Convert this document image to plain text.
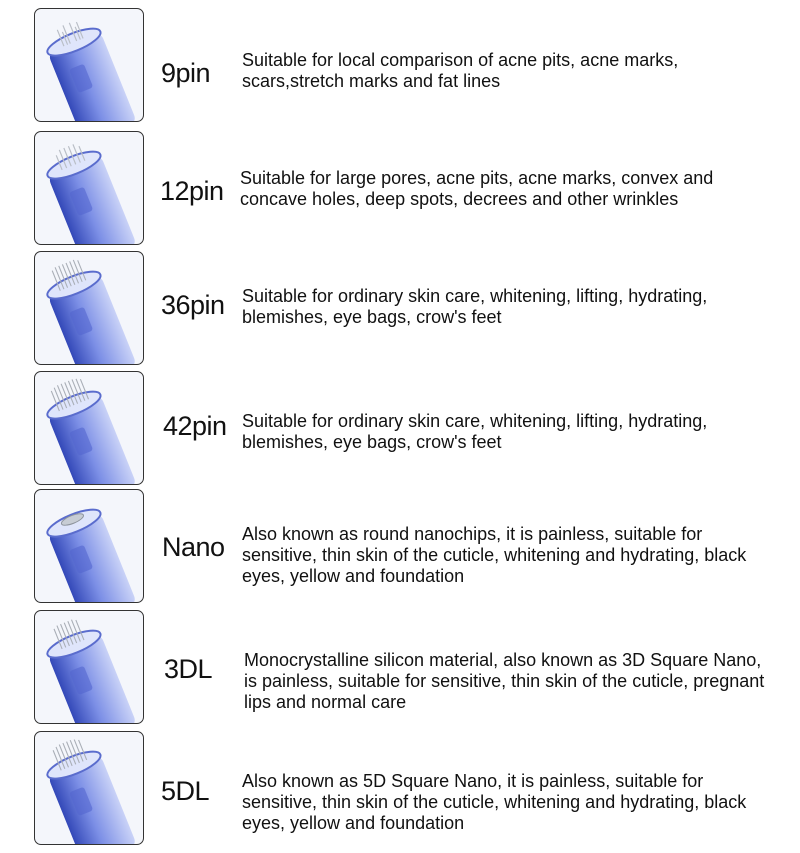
9pin Suitable for local comparison of acne pits, acne marks, scars,stretch marks and fat lines
12pin Suitable for large pores, acne pits, acne marks, convex and concave holes, deep spots, decrees and other wrinkles
36pin Suitable for ordinary skin care, whitening, lifting, hydrating, blemishes, eye bags, crow's feet
42pin Suitable for ordinary skin care, whitening, lifting, hydrating, blemishes, eye bags, crow's feet
Nano Also known as round nanochips, it is painless, suitable for sensitive, thin skin of the cuticle, whitening and hydrating, black eyes, yellow and foundation
3DL Monocrystalline silicon material, also known as 3D Square Nano, is painless, suitable for sensitive, thin skin of the cuticle, pregnant lips and normal care
5DL Also known as 5D Square Nano, it is painless, suitable for sensitive, thin skin of the cuticle, whitening and hydrating, black eyes, yellow and foundation
